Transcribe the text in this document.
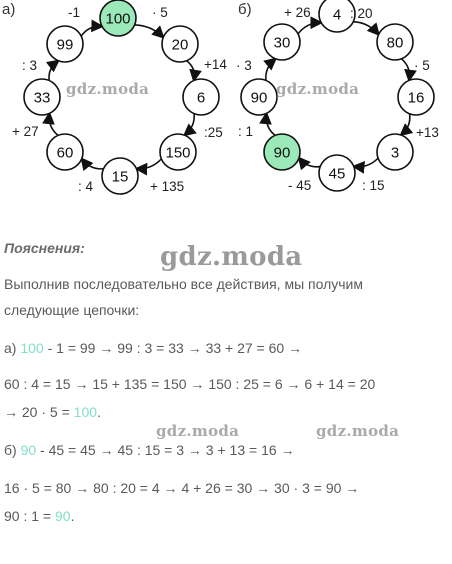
а)
100
20
6
150
15
60
33
99
· 5
+14
:25
+ 135
: 4
+ 27
: 3
-1	б)	4
80
16
3
45
90
90
30
: 20
· 5
+13
: 15
- 45
: 1
· 3
+ 26
gdz.moda	gdz.moda
gdz.moda
gdz.moda	gdz.moda
Пояснения:
Выполнив последовательно все действия, мы получим
следующие цепочки:
а) 100 - 1 = 99 → 99 : 3 = 33 → 33 + 27 = 60 →
60 : 4 = 15 → 15 + 135 = 150 → 150 : 25 = 6 → 6 + 14 = 20
→ 20 · 5 = 100.
б) 90 - 45 = 45 → 45 : 15 = 3 → 3 + 13 = 16 →
16 · 5 = 80 → 80 : 20 = 4 → 4 + 26 = 30 → 30 · 3 = 90 →
90 : 1 = 90.
